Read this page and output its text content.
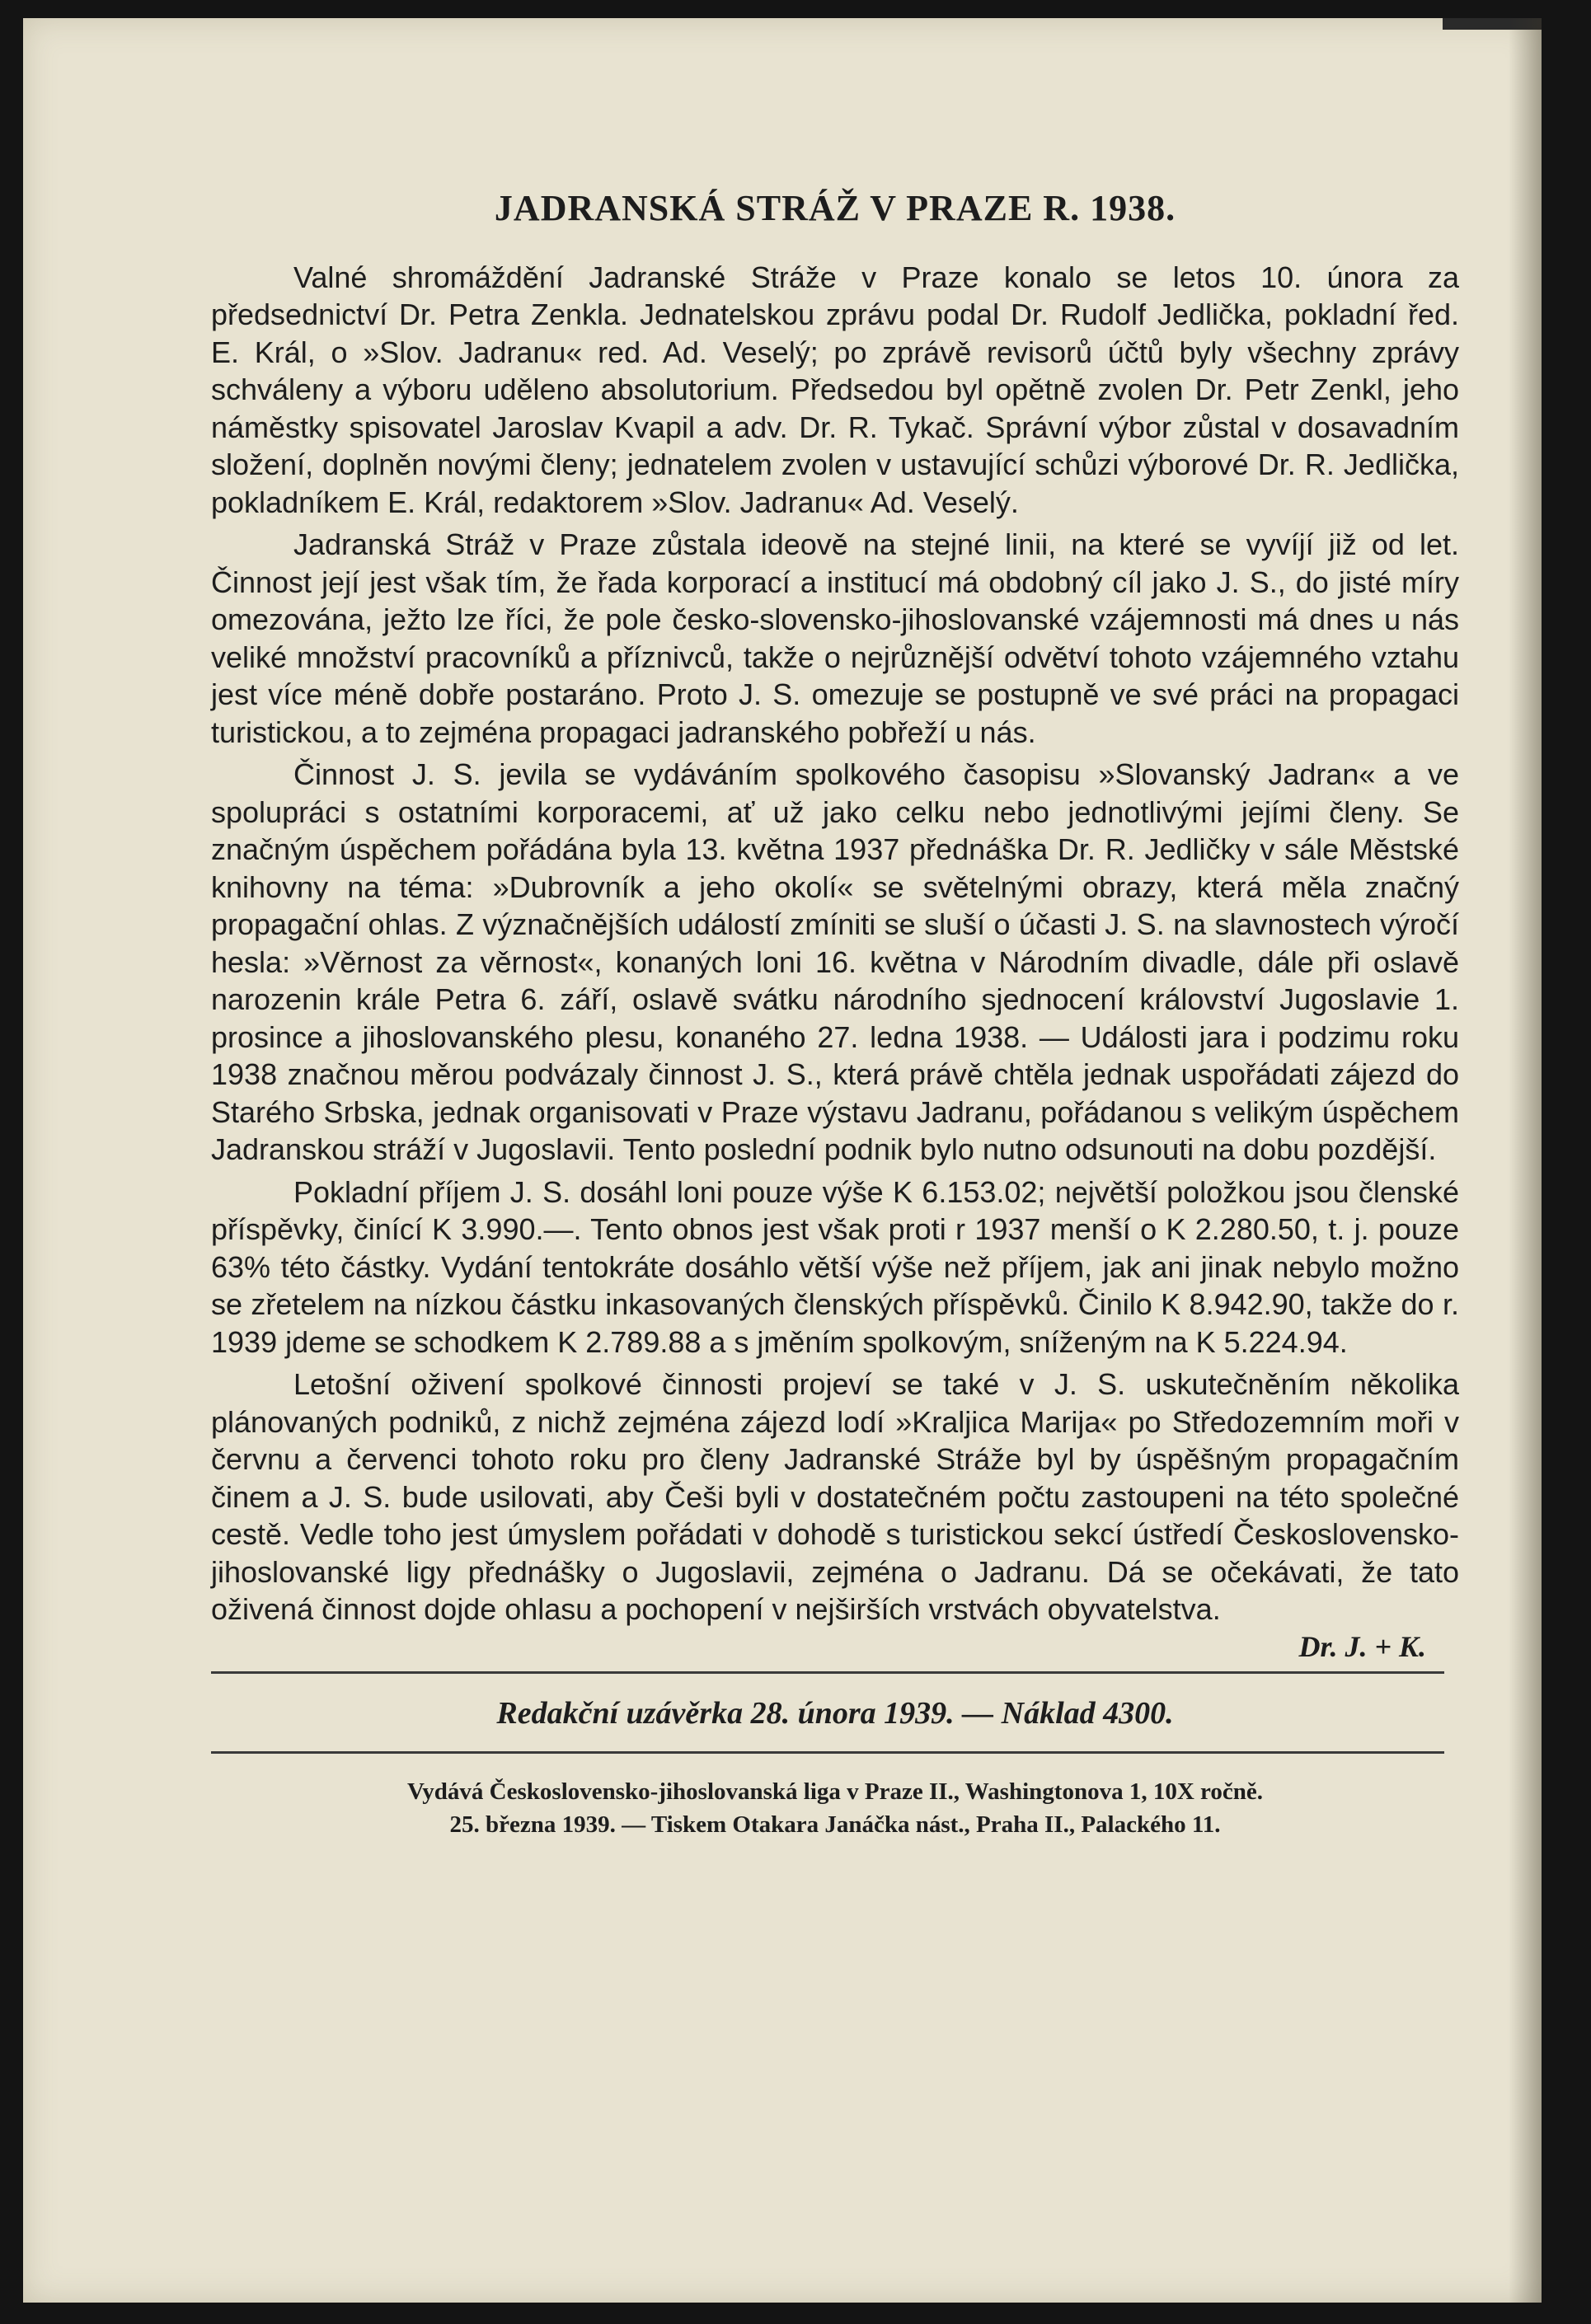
JADRANSKÁ STRÁŽ V PRAZE R. 1938.

Valné shromáždění Jadranské Stráže v Praze konalo se letos 10. února za předsednictví Dr. Petra Zenkla. Jednatelskou zprávu podal Dr. Rudolf Jedlička, pokladní řed. E. Král, o »Slov. Jadranu« red. Ad. Veselý; po zprávě revisorů účtů byly všechny zprávy schváleny a výboru uděleno absolutorium. Předsedou byl opětně zvolen Dr. Petr Zenkl, jeho náměstky spisovatel Jaroslav Kvapil a adv. Dr. R. Tykač. Správní výbor zůstal v dosavadním složení, doplněn novými členy; jednatelem zvolen v ustavující schůzi výborové Dr. R. Jedlička, pokladníkem E. Král, redaktorem »Slov. Jadranu« Ad. Veselý.

Jadranská Stráž v Praze zůstala ideově na stejné linii, na které se vyvíjí již od let. Činnost její jest však tím, že řada korporací a institucí má obdobný cíl jako J. S., do jisté míry omezována, ježto lze říci, že pole česko-slovensko-jihoslovanské vzájemnosti má dnes u nás veliké množství pracovníků a příznivců, takže o nejrůznější odvětví tohoto vzájemného vztahu jest více méně dobře postaráno. Proto J. S. omezuje se postupně ve své práci na propagaci turistickou, a to zejména propagaci jadranského pobřeží u nás.

Činnost J. S. jevila se vydáváním spolkového časopisu »Slovanský Jadran« a ve spolupráci s ostatními korporacemi, ať už jako celku nebo jednotlivými jejími členy. Se značným úspěchem pořádána byla 13. května 1937 přednáška Dr. R. Jedličky v sále Městské knihovny na téma: »Dubrovník a jeho okolí« se světelnými obrazy, která měla značný propagační ohlas. Z význačnějších událostí zmíniti se sluší o účasti J. S. na slavnostech výročí hesla: »Věrnost za věrnost«, konaných loni 16. května v Národním divadle, dále při oslavě narozenin krále Petra 6. září, oslavě svátku národního sjednocení království Jugoslavie 1. prosince a jihoslovanského plesu, konaného 27. ledna 1938. — Události jara i podzimu roku 1938 značnou měrou podvázaly činnost J. S., která právě chtěla jednak uspořádati zájezd do Starého Srbska, jednak organisovati v Praze výstavu Jadranu, pořádanou s velikým úspěchem Jadranskou stráží v Jugoslavii. Tento poslední podnik bylo nutno odsunouti na dobu pozdější.

Pokladní příjem J. S. dosáhl loni pouze výše K 6.153.02; největší položkou jsou členské příspěvky, činící K 3.990.—. Tento obnos jest však proti r 1937 menší o K 2.280.50, t. j. pouze 63% této částky. Vydání tentokráte dosáhlo větší výše než příjem, jak ani jinak nebylo možno se zřetelem na nízkou částku inkasovaných členských příspěvků. Činilo K 8.942.90, takže do r. 1939 jdeme se schodkem K 2.789.88 a s jměním spolkovým, sníženým na K 5.224.94.

Letošní oživení spolkové činnosti projeví se také v J. S. uskutečněním několika plánovaných podniků, z nichž zejména zájezd lodí »Kraljica Marija« po Středozemním moři v červnu a červenci tohoto roku pro členy Jadranské Stráže byl by úspěšným propagačním činem a J. S. bude usilovati, aby Češi byli v dostatečném počtu zastoupeni na této společné cestě. Vedle toho jest úmyslem pořádati v dohodě s turistickou sekcí ústředí Československo-jihoslovanské ligy přednášky o Jugoslavii, zejména o Jadranu. Dá se očekávati, že tato oživená činnost dojde ohlasu a pochopení v nejširších vrstvách obyvatelstva.
Dr. J. + K.

Redakční uzávěrka 28. února 1939. — Náklad 4300.
Vydává Československo-jihoslovanská liga v Praze II., Washingtonova 1, 10X ročně.
25. března 1939. — Tiskem Otakara Janáčka nást., Praha II., Palackého 11.
